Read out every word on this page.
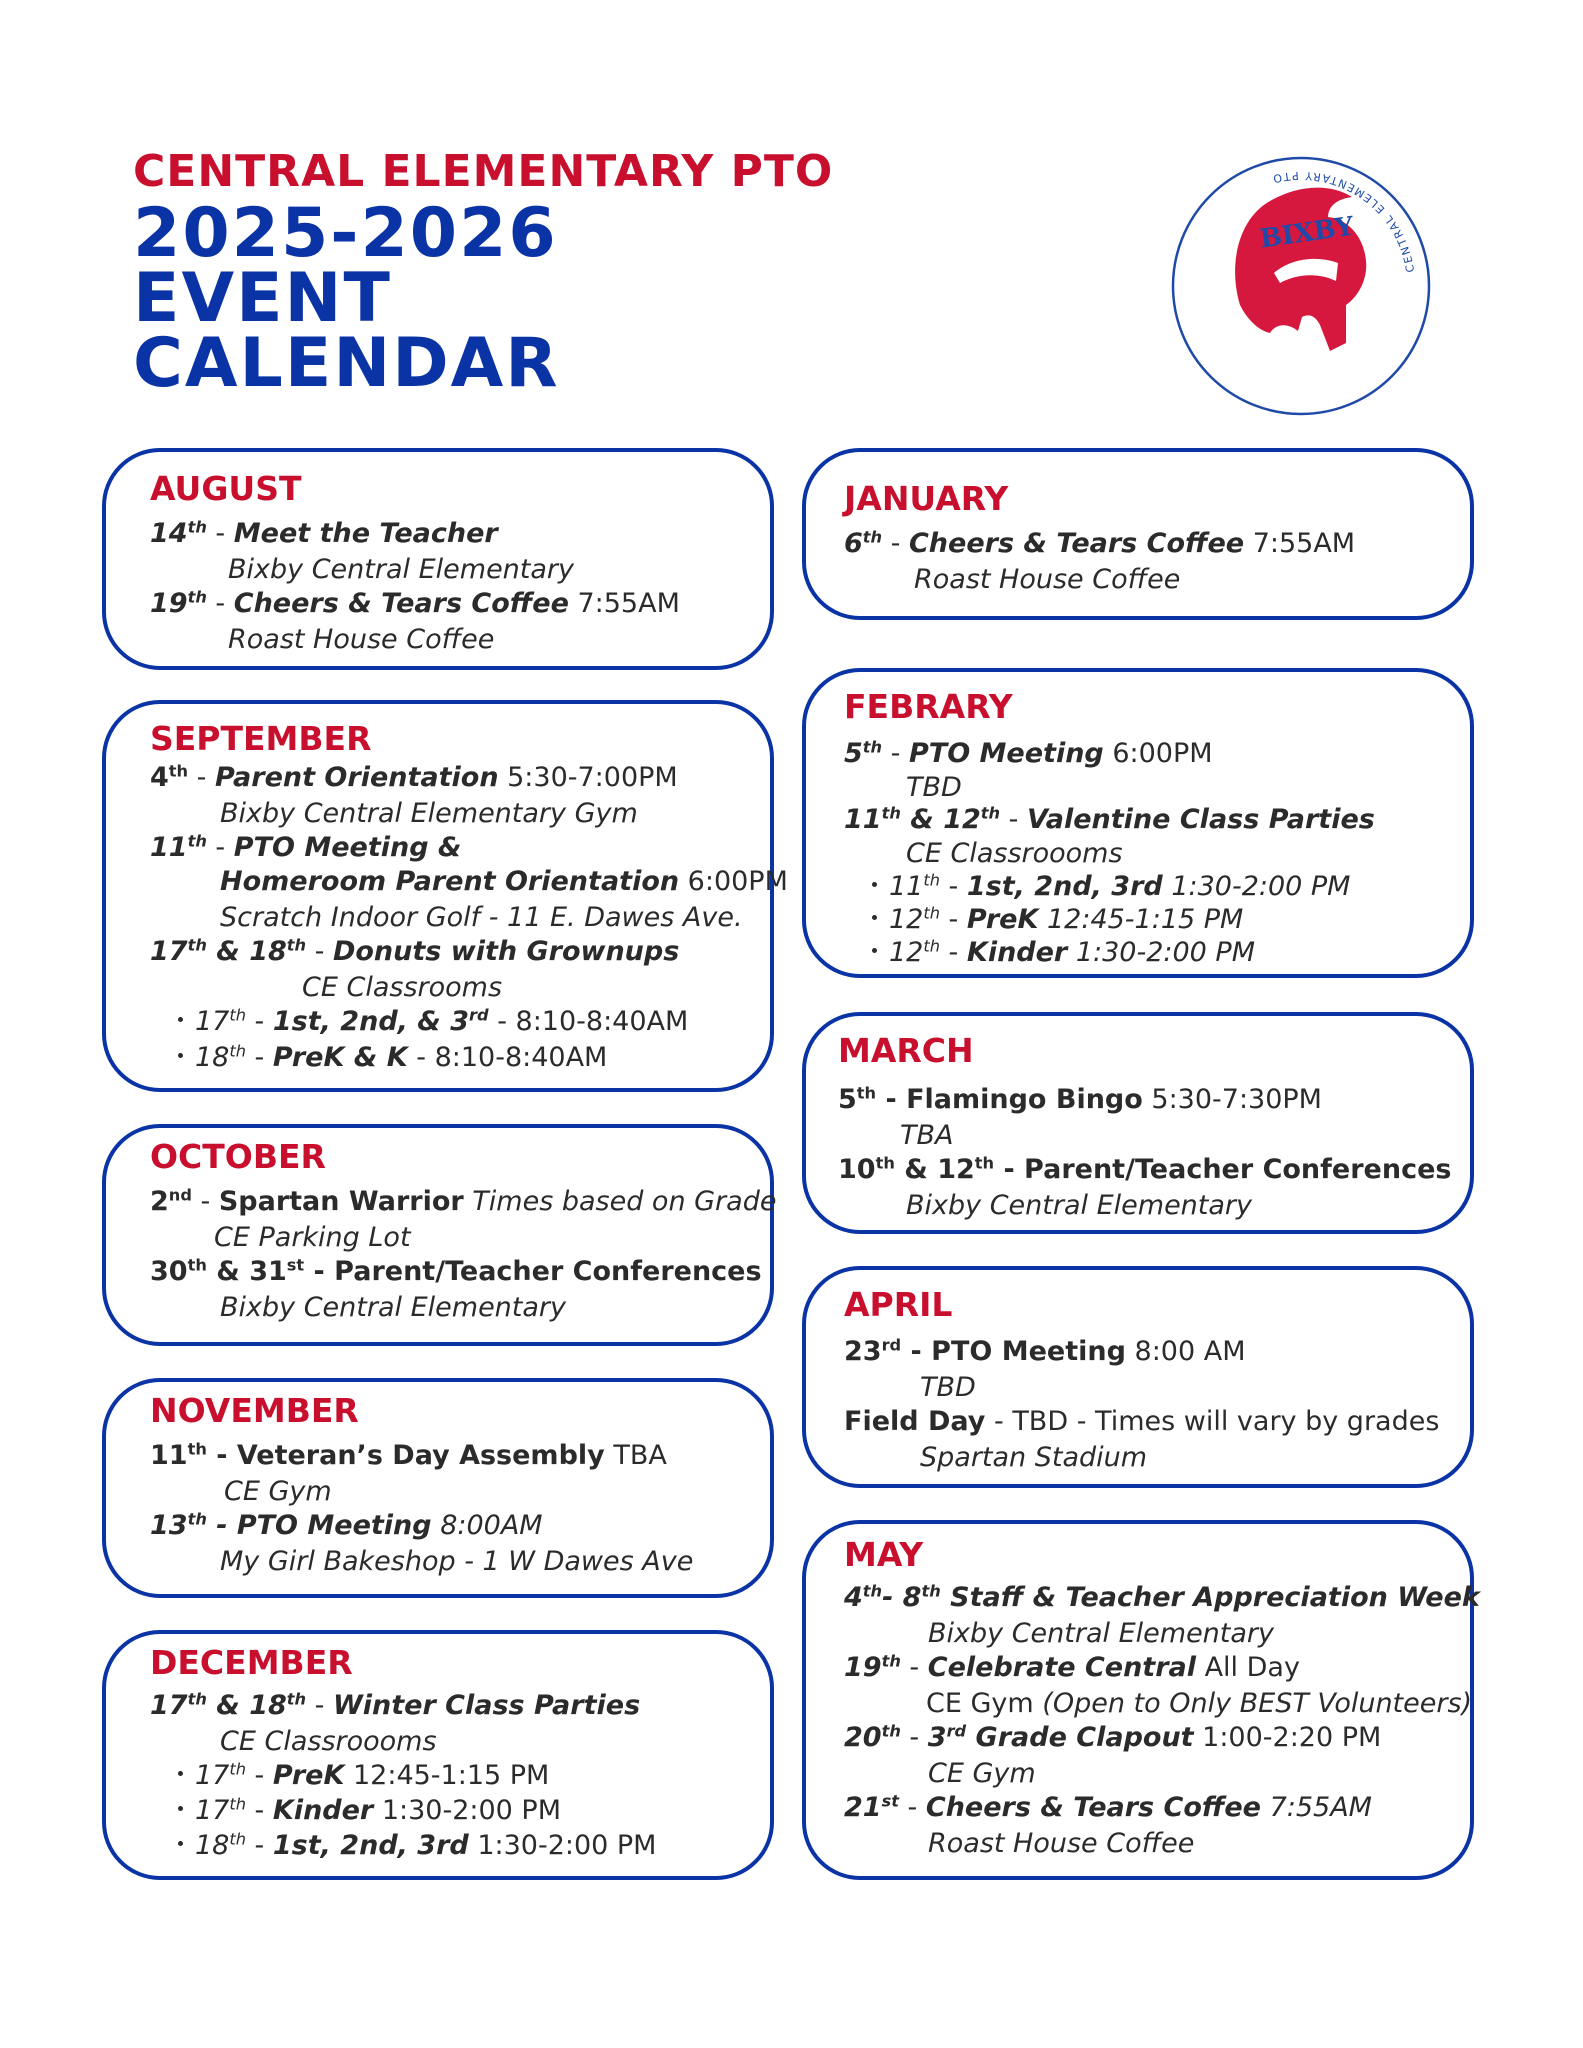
CENTRAL ELEMENTARY PTO
2025-2026
EVENT
CALENDAR
BIXBY
CENTRAL ELEMENTARY PTO
AUGUST
14th - Meet the Teacher
Bixby Central Elementary
19th - Cheers & Tears Coffee 7:55AM
Roast House Coffee
SEPTEMBER
4th - Parent Orientation 5:30-7:00PM
Bixby Central Elementary Gym
11th - PTO Meeting &
Homeroom Parent Orientation 6:00PM
Scratch Indoor Golf - 11 E. Dawes Ave.
17th & 18th - Donuts with Grownups
CE Classrooms
17th - 1st, 2nd, & 3rd - 8:10-8:40AM
18th - PreK & K - 8:10-8:40AM
OCTOBER
2nd - Spartan Warrior Times based on Grade
CE Parking Lot
30th & 31st - Parent/Teacher Conferences
Bixby Central Elementary
NOVEMBER
11th - Veteran’s Day Assembly TBA
CE Gym
13th - PTO Meeting 8:00AM
My Girl Bakeshop - 1 W Dawes Ave
DECEMBER
17th & 18th - Winter Class Parties
CE Classroooms
17th - PreK 12:45-1:15 PM
17th - Kinder 1:30-2:00 PM
18th - 1st, 2nd, 3rd 1:30-2:00 PM
JANUARY
6th - Cheers & Tears Coffee 7:55AM
Roast House Coffee
FEBRARY
5th - PTO Meeting 6:00PM
TBD
11th & 12th - Valentine Class Parties
CE Classroooms
11th - 1st, 2nd, 3rd 1:30-2:00 PM
12th - PreK 12:45-1:15 PM
12th - Kinder 1:30-2:00 PM
MARCH
5th - Flamingo Bingo 5:30-7:30PM
TBA
10th & 12th - Parent/Teacher Conferences
Bixby Central Elementary
APRIL
23rd - PTO Meeting 8:00 AM
TBD
Field Day - TBD - Times will vary by grades
Spartan Stadium
MAY
4th- 8th Staff & Teacher Appreciation Week
Bixby Central Elementary
19th - Celebrate Central All Day
CE Gym (Open to Only BEST Volunteers)
20th - 3rd Grade Clapout 1:00-2:20 PM
CE Gym
21st - Cheers & Tears Coffee 7:55AM
Roast House Coffee
